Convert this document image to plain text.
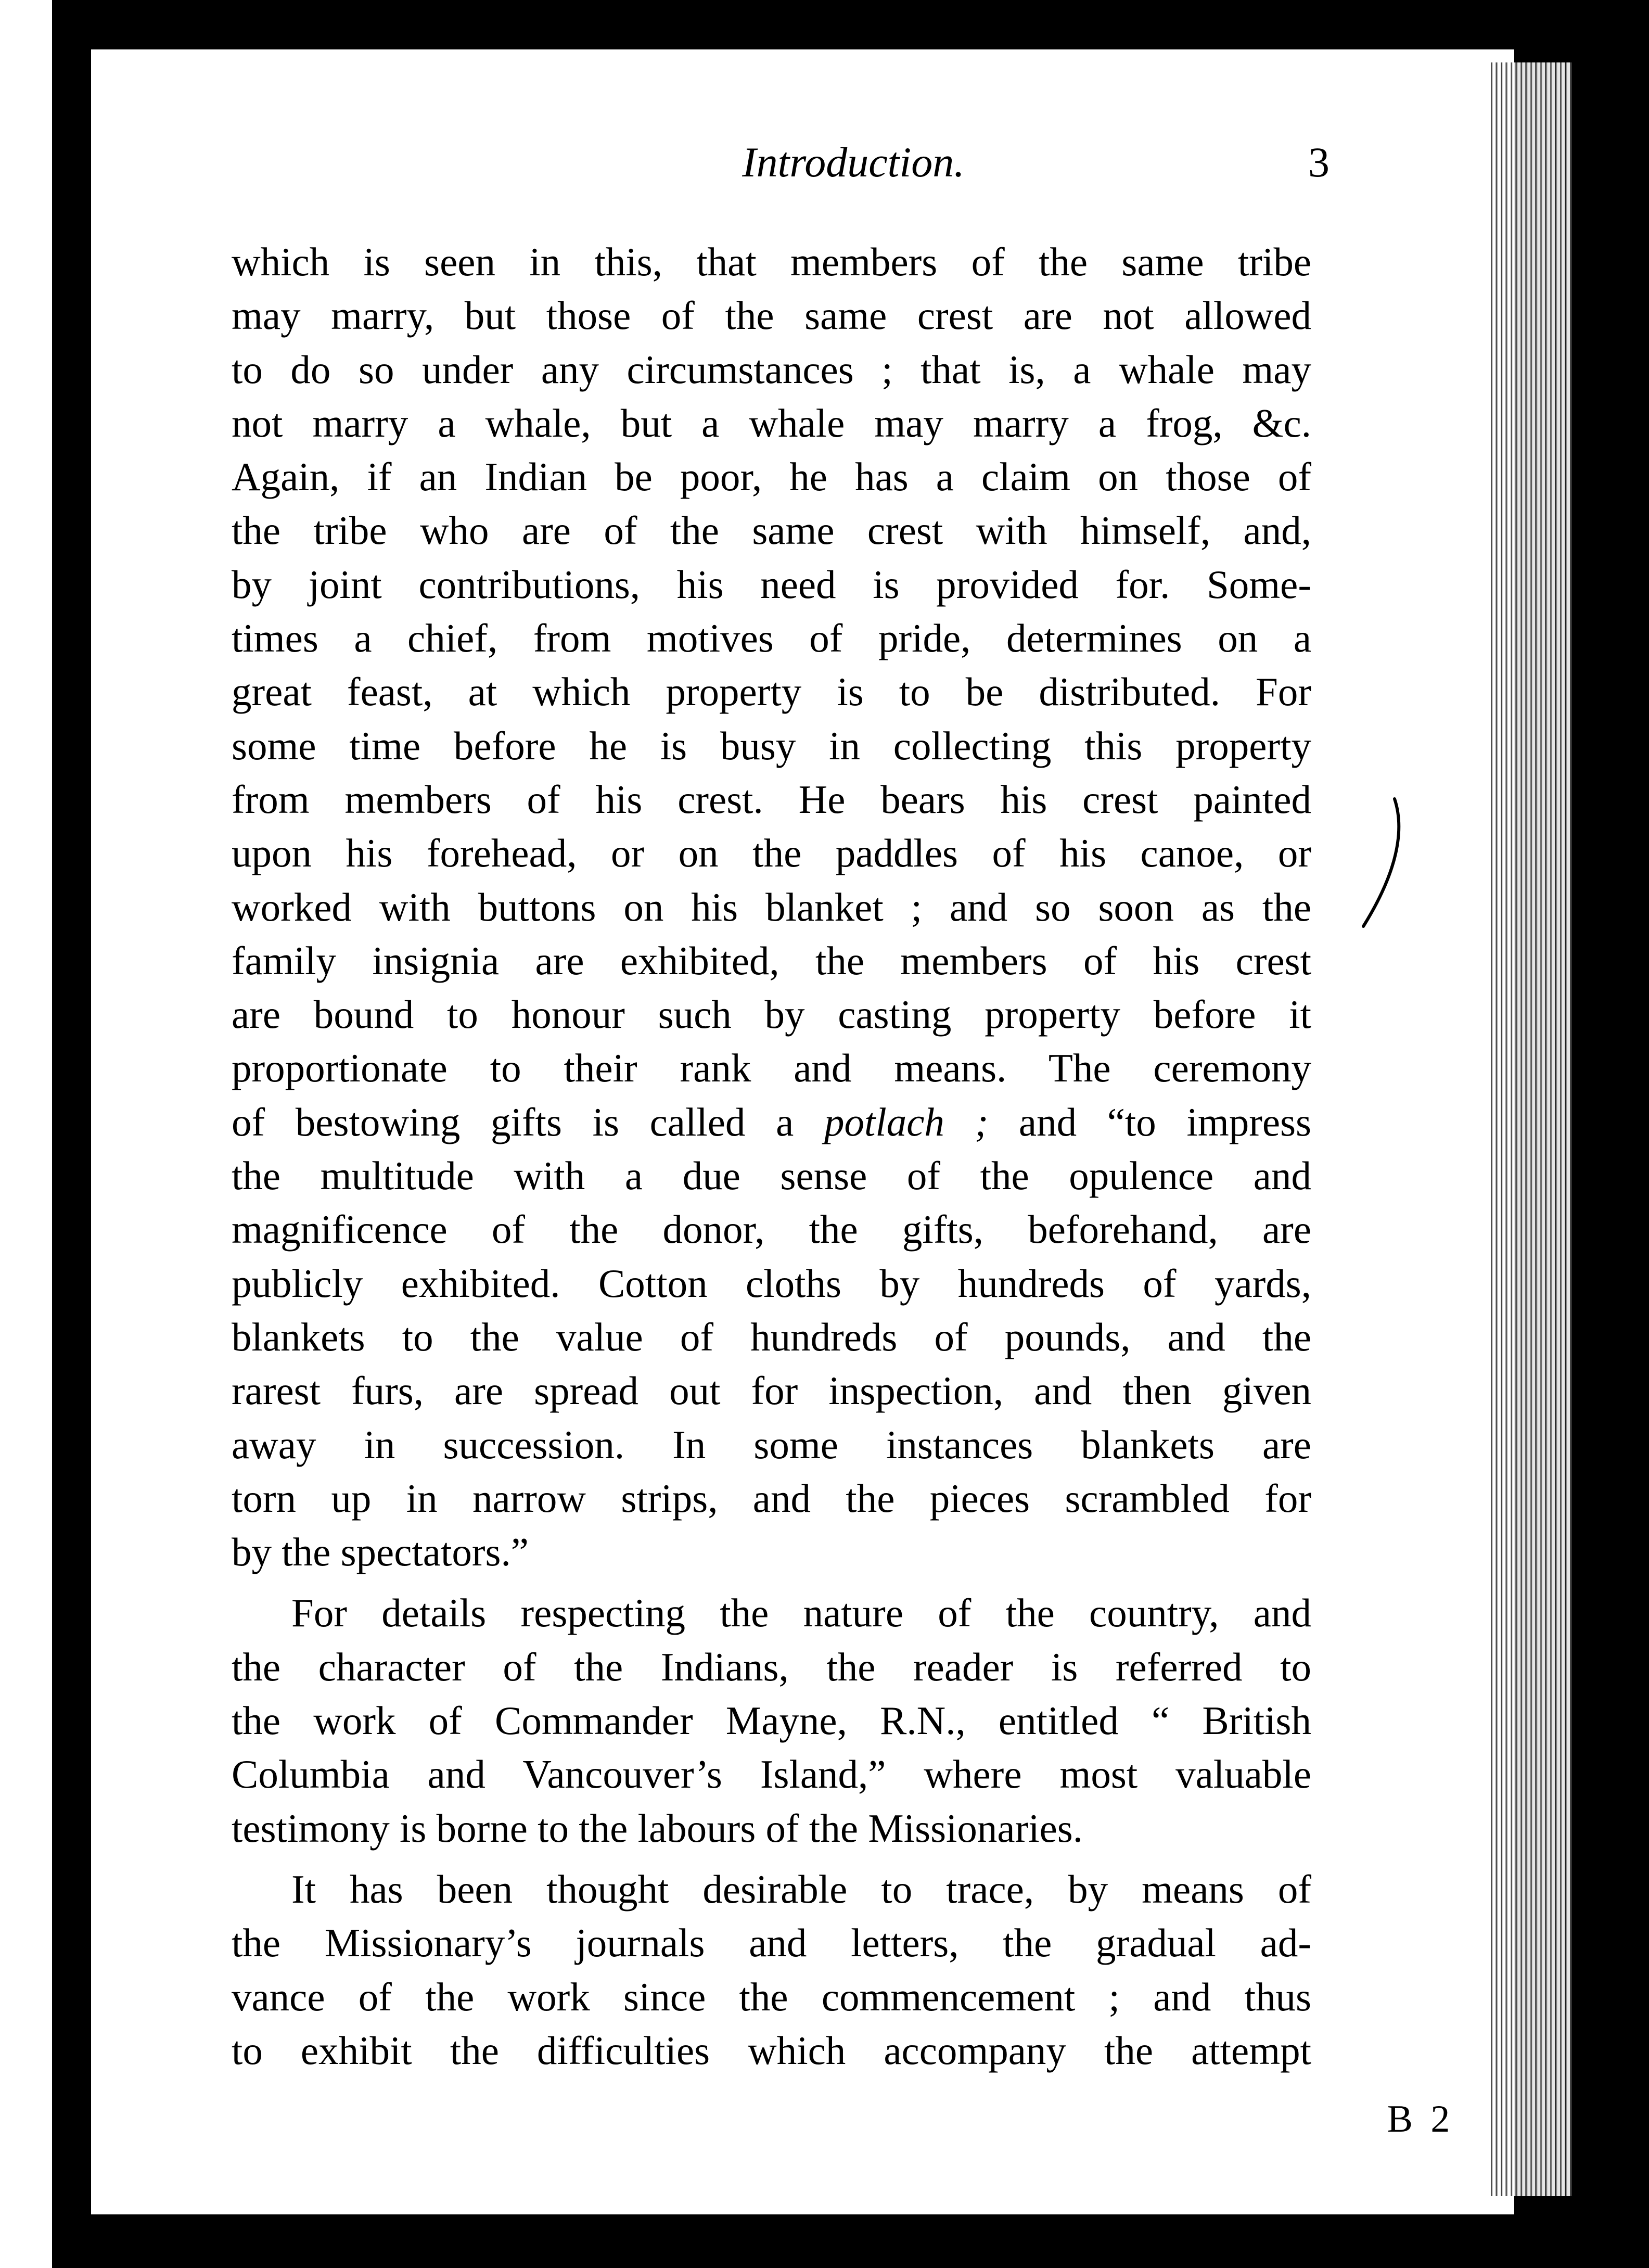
Introduction.	3
which is seen in this, that members of the same tribe
may marry, but those of the same crest are not allowed
to do so under any circumstances ; that is, a whale may
not marry a whale, but a whale may marry a frog, &c.
Again, if an Indian be poor, he has a claim on those of
the tribe who are of the same crest with himself, and,
by joint contributions, his need is provided for. Some-
times a chief, from motives of pride, determines on a
great feast, at which property is to be distributed. For
some time before he is busy in collecting this property
from members of his crest. He bears his crest painted
upon his forehead, or on the paddles of his canoe, or
worked with buttons on his blanket ; and so soon as the
family insignia are exhibited, the members of his crest
are bound to honour such by casting property before it
proportionate to their rank and means. The ceremony
of bestowing gifts is called a potlach ; and “to impress
the multitude with a due sense of the opulence and
magnificence of the donor, the gifts, beforehand, are
publicly exhibited. Cotton cloths by hundreds of yards,
blankets to the value of hundreds of pounds, and the
rarest furs, are spread out for inspection, and then given
away in succession. In some instances blankets are
torn up in narrow strips, and the pieces scrambled for
by the spectators.”
For details respecting the nature of the country, and
the character of the Indians, the reader is referred to
the work of Commander Mayne, R.N., entitled “ British
Columbia and Vancouver’s Island,” where most valuable
testimony is borne to the labours of the Missionaries.
It has been thought desirable to trace, by means of
the Missionary’s journals and letters, the gradual ad-
vance of the work since the commencement ; and thus
to exhibit the difficulties which accompany the attempt
B 2
